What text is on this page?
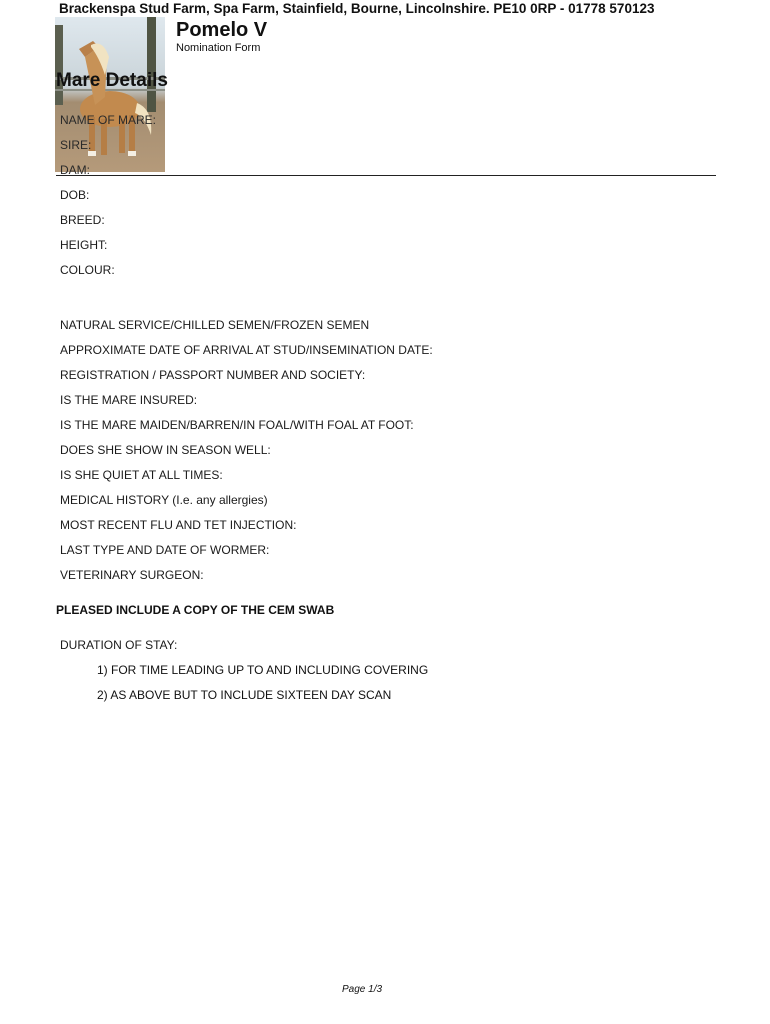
Brackenspa Stud Farm, Spa Farm, Stainfield, Bourne, Lincolnshire. PE10 0RP - 01778 570123
Pomelo V
Nomination Form
Mare Details
NAME OF MARE:
SIRE:
DAM:
DOB:
BREED:
HEIGHT:
COLOUR:
NATURAL SERVICE/CHILLED SEMEN/FROZEN SEMEN
APPROXIMATE DATE OF ARRIVAL AT STUD/INSEMINATION DATE:
REGISTRATION / PASSPORT NUMBER AND SOCIETY:
IS THE MARE INSURED:
IS THE MARE MAIDEN/BARREN/IN FOAL/WITH FOAL AT FOOT:
DOES SHE SHOW IN SEASON WELL:
IS SHE QUIET AT ALL TIMES:
MEDICAL HISTORY (I.e. any allergies)
MOST RECENT FLU AND TET INJECTION:
LAST TYPE AND DATE OF WORMER:
VETERINARY SURGEON:
PLEASED INCLUDE A COPY OF THE CEM SWAB
DURATION OF STAY:
1) FOR TIME LEADING UP TO AND INCLUDING COVERING
2) AS ABOVE BUT TO INCLUDE SIXTEEN DAY SCAN
Page 1/3
